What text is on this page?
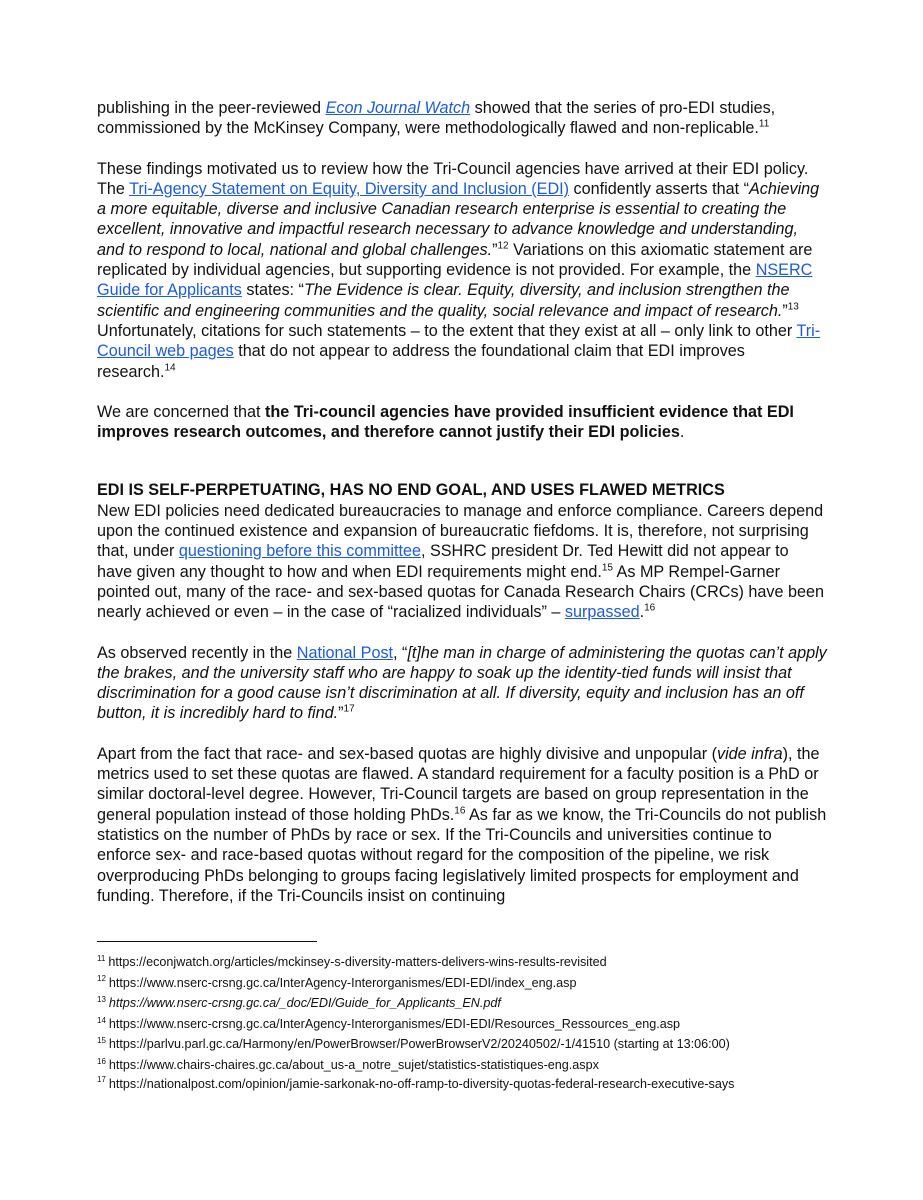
publishing in the peer-reviewed Econ Journal Watch showed that the series of pro-EDI studies, commissioned by the McKinsey Company, were methodologically flawed and non-replicable.$^{11}$

These findings motivated us to review how the Tri-Council agencies have arrived at their EDI policy. The Tri-Agency Statement on Equity, Diversity and Inclusion (EDI) confidently asserts that “Achieving a more equitable, diverse and inclusive Canadian research enterprise is essential to creating the excellent, innovative and impactful research necessary to advance knowledge and understanding, and to respond to local, national and global challenges.”$^{12}$ Variations on this axiomatic statement are replicated by individual agencies, but supporting evidence is not provided. For example, the NSERC Guide for Applicants states: “The Evidence is clear. Equity, diversity, and inclusion strengthen the scientific and engineering communities and the quality, social relevance and impact of research.”$^{13}$ Unfortunately, citations for such statements – to the extent that they exist at all – only link to other Tri-Council web pages that do not appear to address the foundational claim that EDI improves research.$^{14}$

We are concerned that the Tri-council agencies have provided insufficient evidence that EDI improves research outcomes, and therefore cannot justify their EDI policies.

EDI IS SELF-PERPETUATING, HAS NO END GOAL, AND USES FLAWED METRICS

New EDI policies need dedicated bureaucracies to manage and enforce compliance. Careers depend upon the continued existence and expansion of bureaucratic fiefdoms. It is, therefore, not surprising that, under questioning before this committee, SSHRC president Dr. Ted Hewitt did not appear to have given any thought to how and when EDI requirements might end.$^{15}$ As MP Rempel-Garner pointed out, many of the race- and sex-based quotas for Canada Research Chairs (CRCs) have been nearly achieved or even – in the case of “racialized individuals” – surpassed.$^{16}$

As observed recently in the National Post, “[t]he man in charge of administering the quotas can’t apply the brakes, and the university staff who are happy to soak up the identity-tied funds will insist that discrimination for a good cause isn’t discrimination at all. If diversity, equity and inclusion has an off button, it is incredibly hard to find.”$^{17}$

Apart from the fact that race- and sex-based quotas are highly divisive and unpopular (vide infra), the metrics used to set these quotas are flawed. A standard requirement for a faculty position is a PhD or similar doctoral-level degree. However, Tri-Council targets are based on group representation in the general population instead of those holding PhDs.$^{16}$ As far as we know, the Tri-Councils do not publish statistics on the number of PhDs by race or sex. If the Tri-Councils and universities continue to enforce sex- and race-based quotas without regard for the composition of the pipeline, we risk overproducing PhDs belonging to groups facing legislatively limited prospects for employment and funding. Therefore, if the Tri-Councils insist on continuing

$^{11}$ https://econjwatch.org/articles/mckinsey-s-diversity-matters-delivers-wins-results-revisited
$^{12}$ https://www.nserc-crsng.gc.ca/InterAgency-Interorganismes/EDI-EDI/index_eng.asp
$^{13}$ https://www.nserc-crsng.gc.ca/_doc/EDI/Guide_for_Applicants_EN.pdf
$^{14}$ https://www.nserc-crsng.gc.ca/InterAgency-Interorganismes/EDI-EDI/Resources_Ressources_eng.asp
$^{15}$ https://parlvu.parl.gc.ca/Harmony/en/PowerBrowser/PowerBrowserV2/20240502/-1/41510 (starting at 13:06:00)
$^{16}$ https://www.chairs-chaires.gc.ca/about_us-a_notre_sujet/statistics-statistiques-eng.aspx
$^{17}$ https://nationalpost.com/opinion/jamie-sarkonak-no-off-ramp-to-diversity-quotas-federal-research-executive-says
